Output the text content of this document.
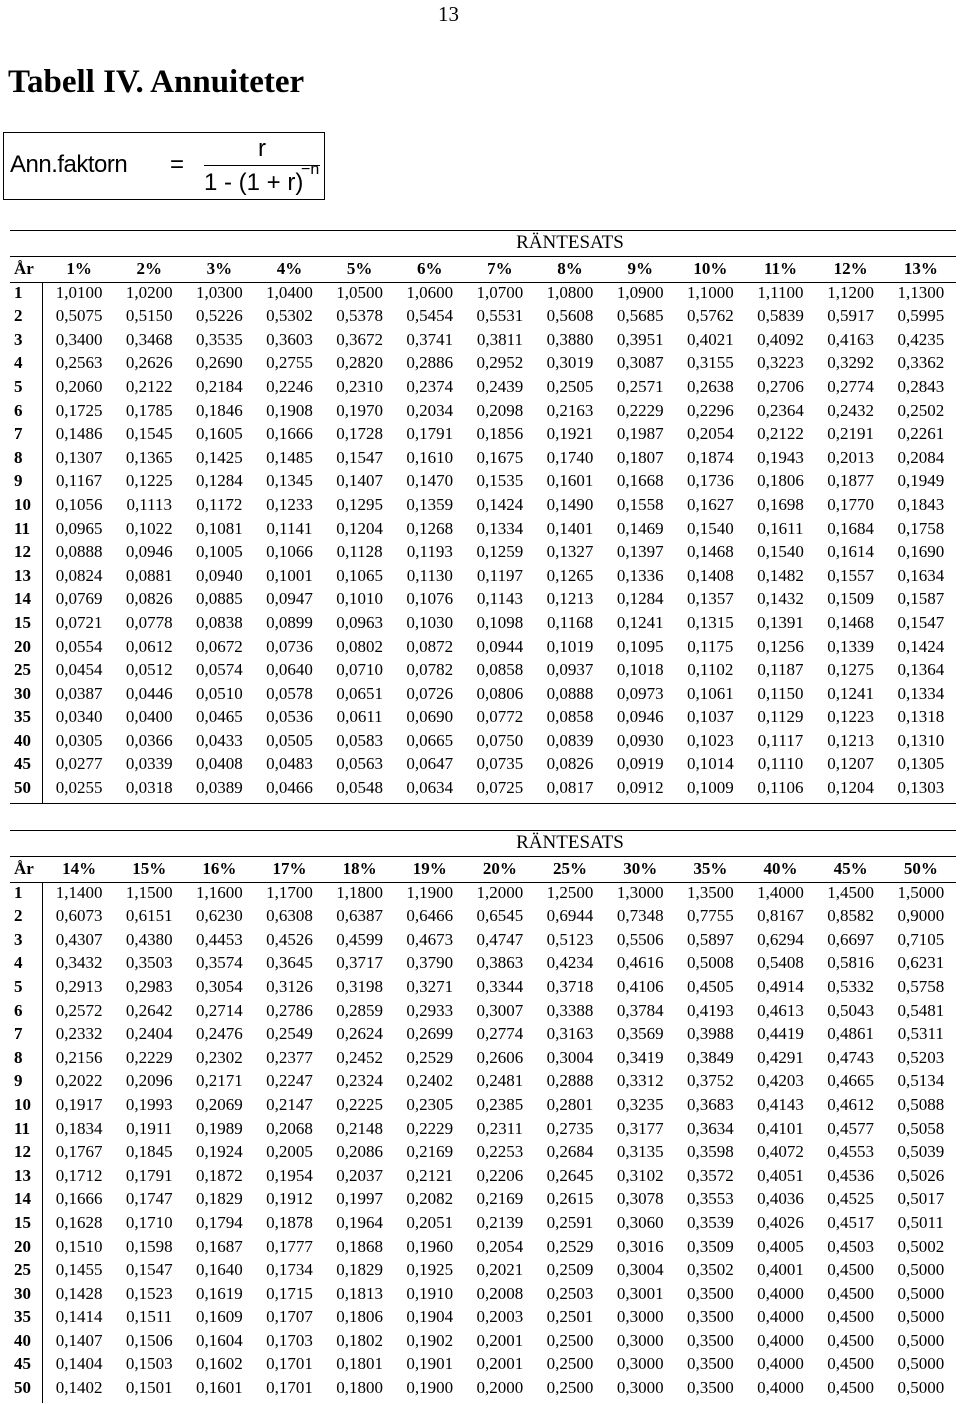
13
Tabell IV. Annuiteter
Ann.faktorn =
r
1 - (1 + r)
−n
RÄNTESATS
År	1%	2%	3%	4%	5%	6%	7%	8%	9%	10%	11%	12%	13%
1	1,0100	1,0200	1,0300	1,0400	1,0500	1,0600	1,0700	1,0800	1,0900	1,1000	1,1100	1,1200	1,1300
2	0,5075	0,5150	0,5226	0,5302	0,5378	0,5454	0,5531	0,5608	0,5685	0,5762	0,5839	0,5917	0,5995
3	0,3400	0,3468	0,3535	0,3603	0,3672	0,3741	0,3811	0,3880	0,3951	0,4021	0,4092	0,4163	0,4235
4	0,2563	0,2626	0,2690	0,2755	0,2820	0,2886	0,2952	0,3019	0,3087	0,3155	0,3223	0,3292	0,3362
5	0,2060	0,2122	0,2184	0,2246	0,2310	0,2374	0,2439	0,2505	0,2571	0,2638	0,2706	0,2774	0,2843
6	0,1725	0,1785	0,1846	0,1908	0,1970	0,2034	0,2098	0,2163	0,2229	0,2296	0,2364	0,2432	0,2502
7	0,1486	0,1545	0,1605	0,1666	0,1728	0,1791	0,1856	0,1921	0,1987	0,2054	0,2122	0,2191	0,2261
8	0,1307	0,1365	0,1425	0,1485	0,1547	0,1610	0,1675	0,1740	0,1807	0,1874	0,1943	0,2013	0,2084
9	0,1167	0,1225	0,1284	0,1345	0,1407	0,1470	0,1535	0,1601	0,1668	0,1736	0,1806	0,1877	0,1949
10	0,1056	0,1113	0,1172	0,1233	0,1295	0,1359	0,1424	0,1490	0,1558	0,1627	0,1698	0,1770	0,1843
11	0,0965	0,1022	0,1081	0,1141	0,1204	0,1268	0,1334	0,1401	0,1469	0,1540	0,1611	0,1684	0,1758
12	0,0888	0,0946	0,1005	0,1066	0,1128	0,1193	0,1259	0,1327	0,1397	0,1468	0,1540	0,1614	0,1690
13	0,0824	0,0881	0,0940	0,1001	0,1065	0,1130	0,1197	0,1265	0,1336	0,1408	0,1482	0,1557	0,1634
14	0,0769	0,0826	0,0885	0,0947	0,1010	0,1076	0,1143	0,1213	0,1284	0,1357	0,1432	0,1509	0,1587
15	0,0721	0,0778	0,0838	0,0899	0,0963	0,1030	0,1098	0,1168	0,1241	0,1315	0,1391	0,1468	0,1547
20	0,0554	0,0612	0,0672	0,0736	0,0802	0,0872	0,0944	0,1019	0,1095	0,1175	0,1256	0,1339	0,1424
25	0,0454	0,0512	0,0574	0,0640	0,0710	0,0782	0,0858	0,0937	0,1018	0,1102	0,1187	0,1275	0,1364
30	0,0387	0,0446	0,0510	0,0578	0,0651	0,0726	0,0806	0,0888	0,0973	0,1061	0,1150	0,1241	0,1334
35	0,0340	0,0400	0,0465	0,0536	0,0611	0,0690	0,0772	0,0858	0,0946	0,1037	0,1129	0,1223	0,1318
40	0,0305	0,0366	0,0433	0,0505	0,0583	0,0665	0,0750	0,0839	0,0930	0,1023	0,1117	0,1213	0,1310
45	0,0277	0,0339	0,0408	0,0483	0,0563	0,0647	0,0735	0,0826	0,0919	0,1014	0,1110	0,1207	0,1305
50	0,0255	0,0318	0,0389	0,0466	0,0548	0,0634	0,0725	0,0817	0,0912	0,1009	0,1106	0,1204	0,1303
RÄNTESATS
År	14%	15%	16%	17%	18%	19%	20%	25%	30%	35%	40%	45%	50%
1	1,1400	1,1500	1,1600	1,1700	1,1800	1,1900	1,2000	1,2500	1,3000	1,3500	1,4000	1,4500	1,5000
2	0,6073	0,6151	0,6230	0,6308	0,6387	0,6466	0,6545	0,6944	0,7348	0,7755	0,8167	0,8582	0,9000
3	0,4307	0,4380	0,4453	0,4526	0,4599	0,4673	0,4747	0,5123	0,5506	0,5897	0,6294	0,6697	0,7105
4	0,3432	0,3503	0,3574	0,3645	0,3717	0,3790	0,3863	0,4234	0,4616	0,5008	0,5408	0,5816	0,6231
5	0,2913	0,2983	0,3054	0,3126	0,3198	0,3271	0,3344	0,3718	0,4106	0,4505	0,4914	0,5332	0,5758
6	0,2572	0,2642	0,2714	0,2786	0,2859	0,2933	0,3007	0,3388	0,3784	0,4193	0,4613	0,5043	0,5481
7	0,2332	0,2404	0,2476	0,2549	0,2624	0,2699	0,2774	0,3163	0,3569	0,3988	0,4419	0,4861	0,5311
8	0,2156	0,2229	0,2302	0,2377	0,2452	0,2529	0,2606	0,3004	0,3419	0,3849	0,4291	0,4743	0,5203
9	0,2022	0,2096	0,2171	0,2247	0,2324	0,2402	0,2481	0,2888	0,3312	0,3752	0,4203	0,4665	0,5134
10	0,1917	0,1993	0,2069	0,2147	0,2225	0,2305	0,2385	0,2801	0,3235	0,3683	0,4143	0,4612	0,5088
11	0,1834	0,1911	0,1989	0,2068	0,2148	0,2229	0,2311	0,2735	0,3177	0,3634	0,4101	0,4577	0,5058
12	0,1767	0,1845	0,1924	0,2005	0,2086	0,2169	0,2253	0,2684	0,3135	0,3598	0,4072	0,4553	0,5039
13	0,1712	0,1791	0,1872	0,1954	0,2037	0,2121	0,2206	0,2645	0,3102	0,3572	0,4051	0,4536	0,5026
14	0,1666	0,1747	0,1829	0,1912	0,1997	0,2082	0,2169	0,2615	0,3078	0,3553	0,4036	0,4525	0,5017
15	0,1628	0,1710	0,1794	0,1878	0,1964	0,2051	0,2139	0,2591	0,3060	0,3539	0,4026	0,4517	0,5011
20	0,1510	0,1598	0,1687	0,1777	0,1868	0,1960	0,2054	0,2529	0,3016	0,3509	0,4005	0,4503	0,5002
25	0,1455	0,1547	0,1640	0,1734	0,1829	0,1925	0,2021	0,2509	0,3004	0,3502	0,4001	0,4500	0,5000
30	0,1428	0,1523	0,1619	0,1715	0,1813	0,1910	0,2008	0,2503	0,3001	0,3500	0,4000	0,4500	0,5000
35	0,1414	0,1511	0,1609	0,1707	0,1806	0,1904	0,2003	0,2501	0,3000	0,3500	0,4000	0,4500	0,5000
40	0,1407	0,1506	0,1604	0,1703	0,1802	0,1902	0,2001	0,2500	0,3000	0,3500	0,4000	0,4500	0,5000
45	0,1404	0,1503	0,1602	0,1701	0,1801	0,1901	0,2001	0,2500	0,3000	0,3500	0,4000	0,4500	0,5000
50	0,1402	0,1501	0,1601	0,1701	0,1800	0,1900	0,2000	0,2500	0,3000	0,3500	0,4000	0,4500	0,5000
